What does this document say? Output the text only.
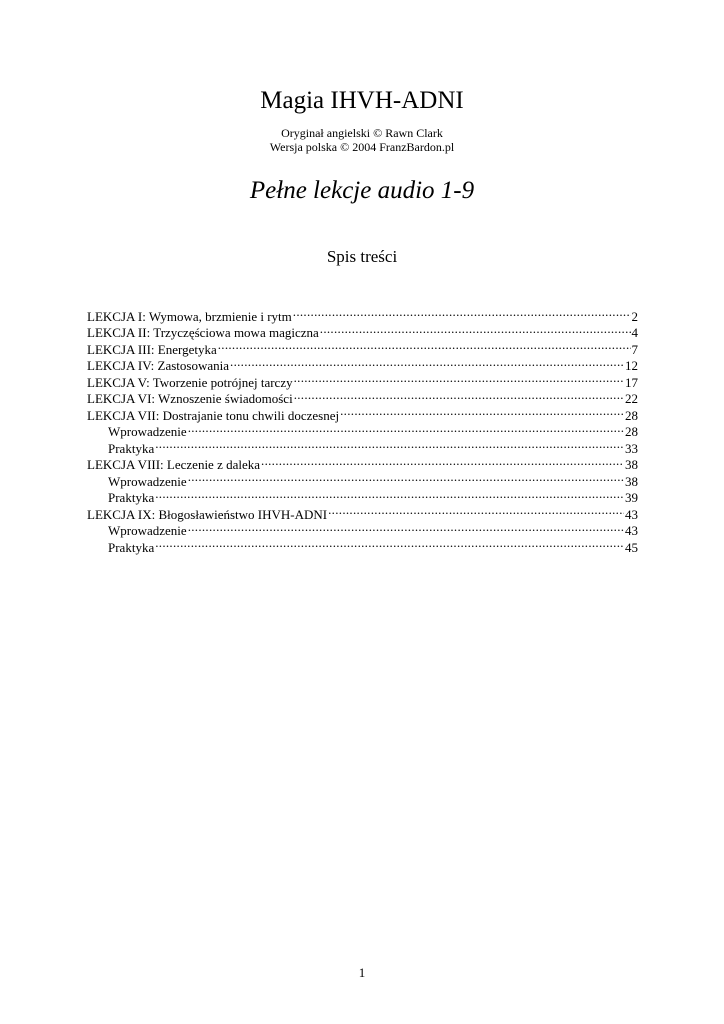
Magia IHVH-ADNI
Oryginał angielski © Rawn Clark
Wersja polska © 2004 FranzBardon.pl
Pełne lekcje audio 1-9
Spis treści
LEKCJA I: Wymowa, brzmienie i rytm .....	2
LEKCJA II: Trzyczęściowa mowa magiczna .....	4
LEKCJA III: Energetyka .....	7
LEKCJA IV: Zastosowania .....	12
LEKCJA V: Tworzenie potrójnej tarczy .....	17
LEKCJA VI: Wznoszenie świadomości .....	22
LEKCJA VII: Dostrajanie tonu chwili doczesnej .....	28
Wprowadzenie .....	28
Praktyka .....	33
LEKCJA VIII: Leczenie z daleka .....	38
Wprowadzenie .....	38
Praktyka .....	39
LEKCJA IX: Błogosławieństwo IHVH-ADNI .....	43
Wprowadzenie .....	43
Praktyka .....	45
1
